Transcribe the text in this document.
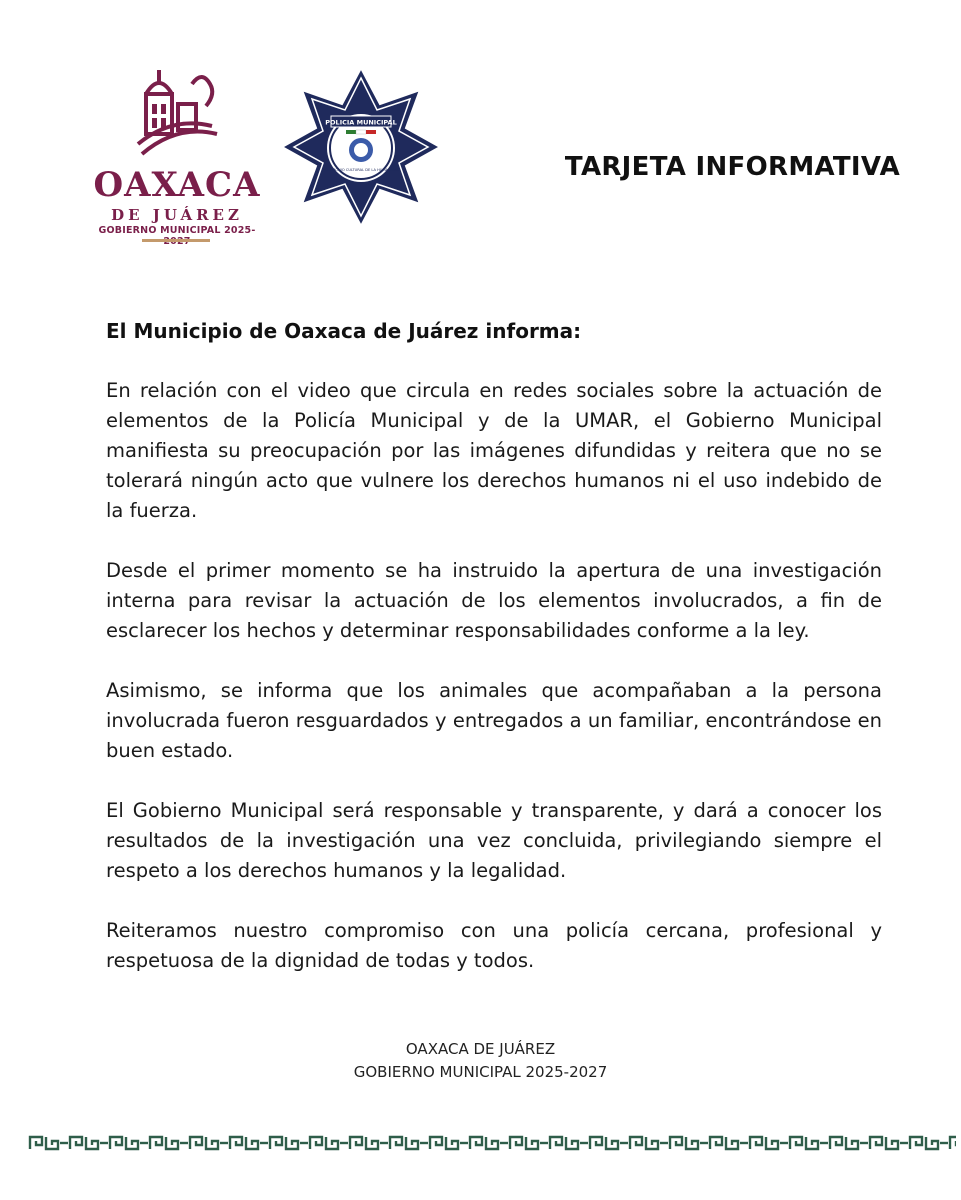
OAXACA
DE JUÁREZ
GOBIERNO MUNICIPAL 2025-
POLICIA MUNICIPAL
PATRIMONIO CULTURAL DE LA HUMANIDAD	TARJETA INFORMATIVA

El Municipio de Oaxaca de Juárez informa:

En relación con el video que circula en redes sociales sobre la actuación de elementos de la Policía Municipal y de la UMAR, el Gobierno Municipal manifiesta su preocupación por las imágenes difundidas y reitera que no se tolerará ningún acto que vulnere los derechos humanos ni el uso indebido de la fuerza.

Desde el primer momento se ha instruido la apertura de una investigación interna para revisar la actuación de los elementos involucrados, a fin de esclarecer los hechos y determinar responsabilidades conforme a la ley.

Asimismo, se informa que los animales que acompañaban a la persona involucrada fueron resguardados y entregados a un familiar, encontrándose en buen estado.

El Gobierno Municipal será responsable y transparente, y dará a conocer los resultados de la investigación una vez concluida, privilegiando siempre el respeto a los derechos humanos y la legalidad.

Reiteramos nuestro compromiso con una policía cercana, profesional y respetuosa de la dignidad de todas y todos.

OAXACA DE JUÁREZ
GOBIERNO MUNICIPAL 2025-2027
